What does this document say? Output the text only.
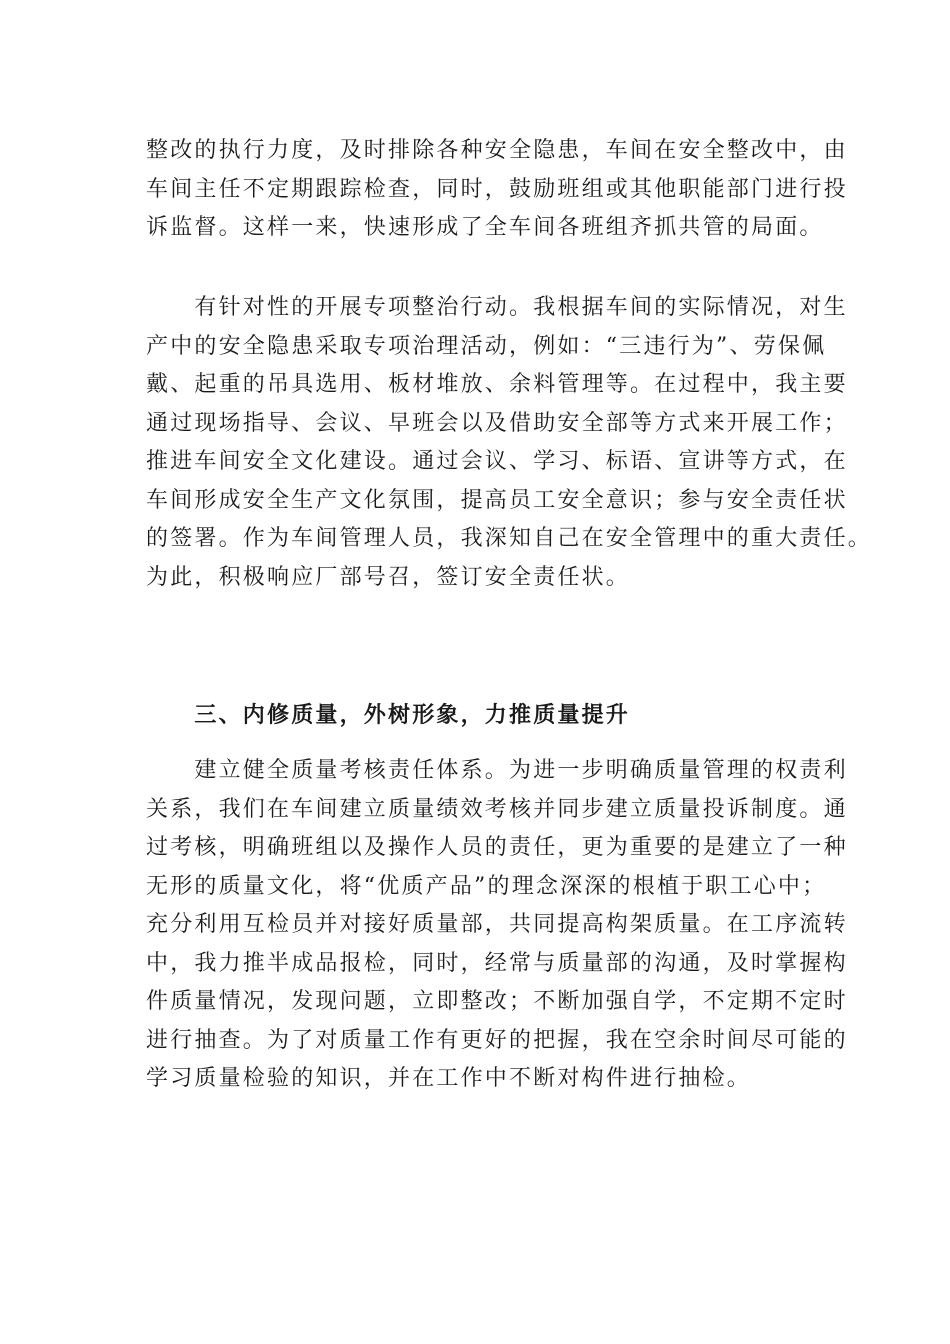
整改的执行力度，及时排除各种安全隐患，车间在安全整改中，由
车间主任不定期跟踪检查，同时，鼓励班组或其他职能部门进行投
诉监督。这样一来，快速形成了全车间各班组齐抓共管的局面。
　　有针对性的开展专项整治行动。我根据车间的实际情况，对生
产中的安全隐患采取专项治理活动，例如：“三违行为”、劳保佩
戴、起重的吊具选用、板材堆放、余料管理等。在过程中，我主要
通过现场指导、会议、早班会以及借助安全部等方式来开展工作；
推进车间安全文化建设。通过会议、学习、标语、宣讲等方式，在
车间形成安全生产文化氛围，提高员工安全意识；参与安全责任状
的签署。作为车间管理人员，我深知自己在安全管理中的重大责任。
为此，积极响应厂部号召，签订安全责任状。
　　三、内修质量，外树形象，力推质量提升
　　建立健全质量考核责任体系。为进一步明确质量管理的权责利
关系，我们在车间建立质量绩效考核并同步建立质量投诉制度。通
过考核，明确班组以及操作人员的责任，更为重要的是建立了一种
无形的质量文化，将“优质产品”的理念深深的根植于职工心中；
充分利用互检员并对接好质量部，共同提高构架质量。在工序流转
中，我力推半成品报检，同时，经常与质量部的沟通，及时掌握构
件质量情况，发现问题，立即整改；不断加强自学，不定期不定时
进行抽查。为了对质量工作有更好的把握，我在空余时间尽可能的
学习质量检验的知识，并在工作中不断对构件进行抽检。
